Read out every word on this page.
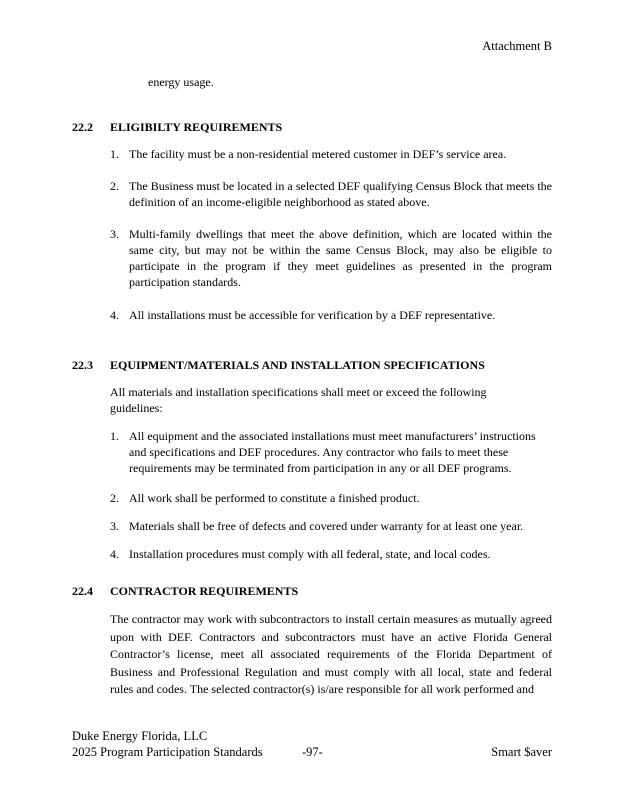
Attachment B
energy usage.
22.2 ELIGIBILTY REQUIREMENTS
1. The facility must be a non-residential metered customer in DEF’s service area.
2. The Business must be located in a selected DEF qualifying Census Block that meets the definition of an income-eligible neighborhood as stated above.
3. Multi-family dwellings that meet the above definition, which are located within the same city, but may not be within the same Census Block, may also be eligible to participate in the program if they meet guidelines as presented in the program participation standards.
4. All installations must be accessible for verification by a DEF representative.
22.3 EQUIPMENT/MATERIALS AND INSTALLATION SPECIFICATIONS
All materials and installation specifications shall meet or exceed the following guidelines:
1. All equipment and the associated installations must meet manufacturers’ instructions and specifications and DEF procedures. Any contractor who fails to meet these requirements may be terminated from participation in any or all DEF programs.
2. All work shall be performed to constitute a finished product.
3. Materials shall be free of defects and covered under warranty for at least one year.
4. Installation procedures must comply with all federal, state, and local codes.
22.4 CONTRACTOR REQUIREMENTS
The contractor may work with subcontractors to install certain measures as mutually agreed upon with DEF. Contractors and subcontractors must have an active Florida General Contractor’s license, meet all associated requirements of the Florida Department of Business and Professional Regulation and must comply with all local, state and federal rules and codes. The selected contractor(s) is/are responsible for all work performed and
Duke Energy Florida, LLC
2025 Program Participation Standards	-97-	Smart $aver
